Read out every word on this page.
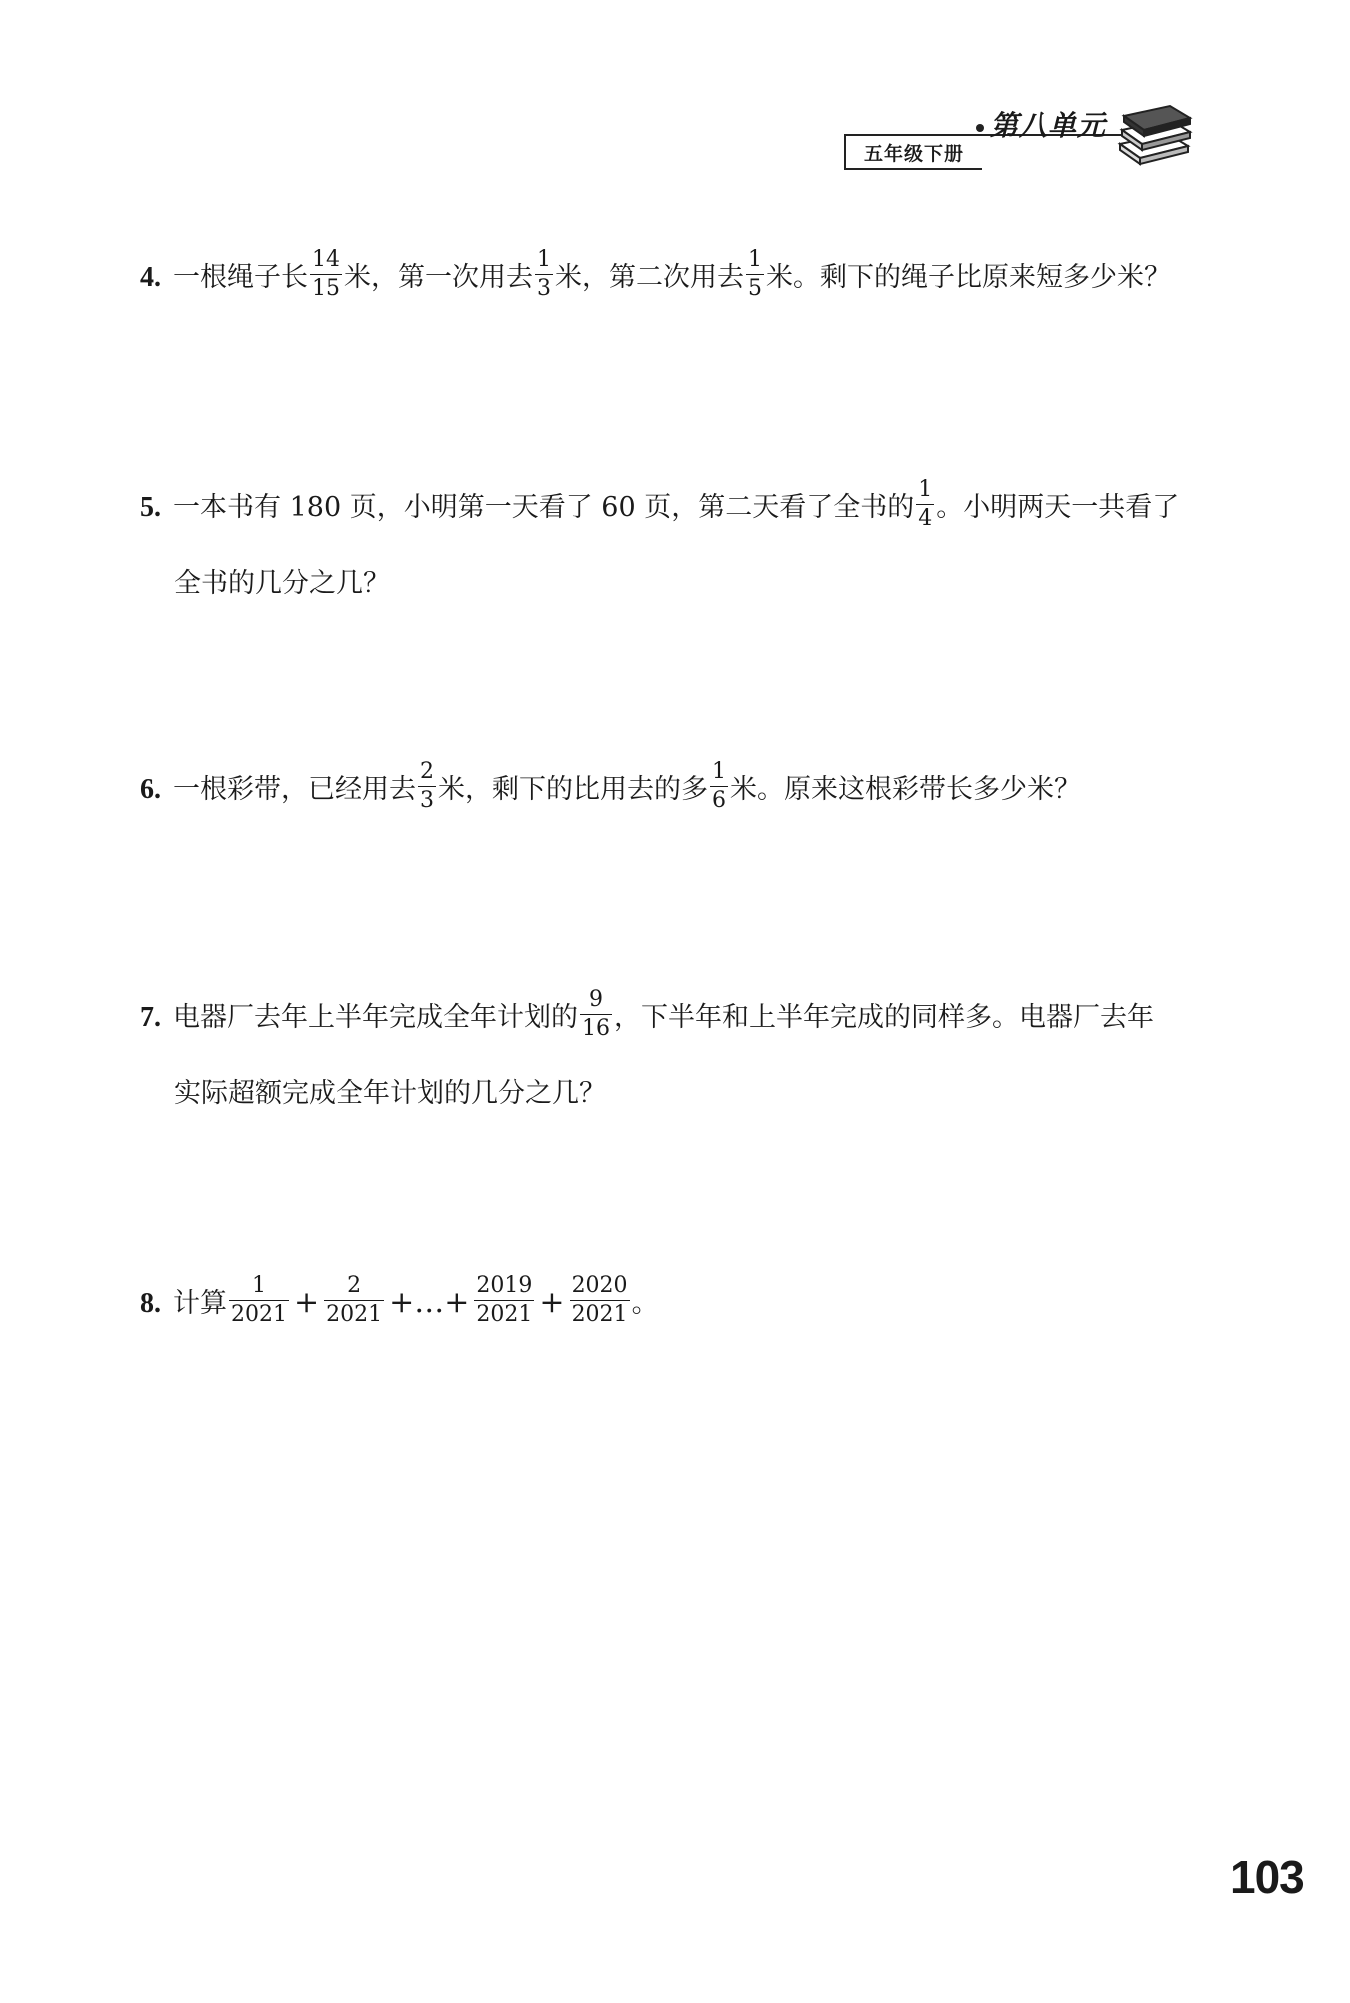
五年级下册
第八单元
4. 一根绳子长 $\frac{14}{15}$ 米，第一次用去 $\frac{1}{3}$ 米，第二次用去 $\frac{1}{5}$ 米。剩下的绳子比原来短多少米？
5. 一本书有 180 页，小明第一天看了 60 页，第二天看了全书的 $\frac{1}{4}$ 。小明两天一共看了
全书的几分之几？
6. 一根彩带，已经用去 $\frac{2}{3}$ 米，剩下的比用去的多 $\frac{1}{6}$ 米。原来这根彩带长多少米？
7. 电器厂去年上半年完成全年计划的 $\frac{9}{16}$ ，下半年和上半年完成的同样多。电器厂去年
实际超额完成全年计划的几分之几？
8. 计算 $\frac{1}{2021} + \frac{2}{2021}$ +…+ $\frac{2019}{2021} + \frac{2020}{2021}$ 。
103
